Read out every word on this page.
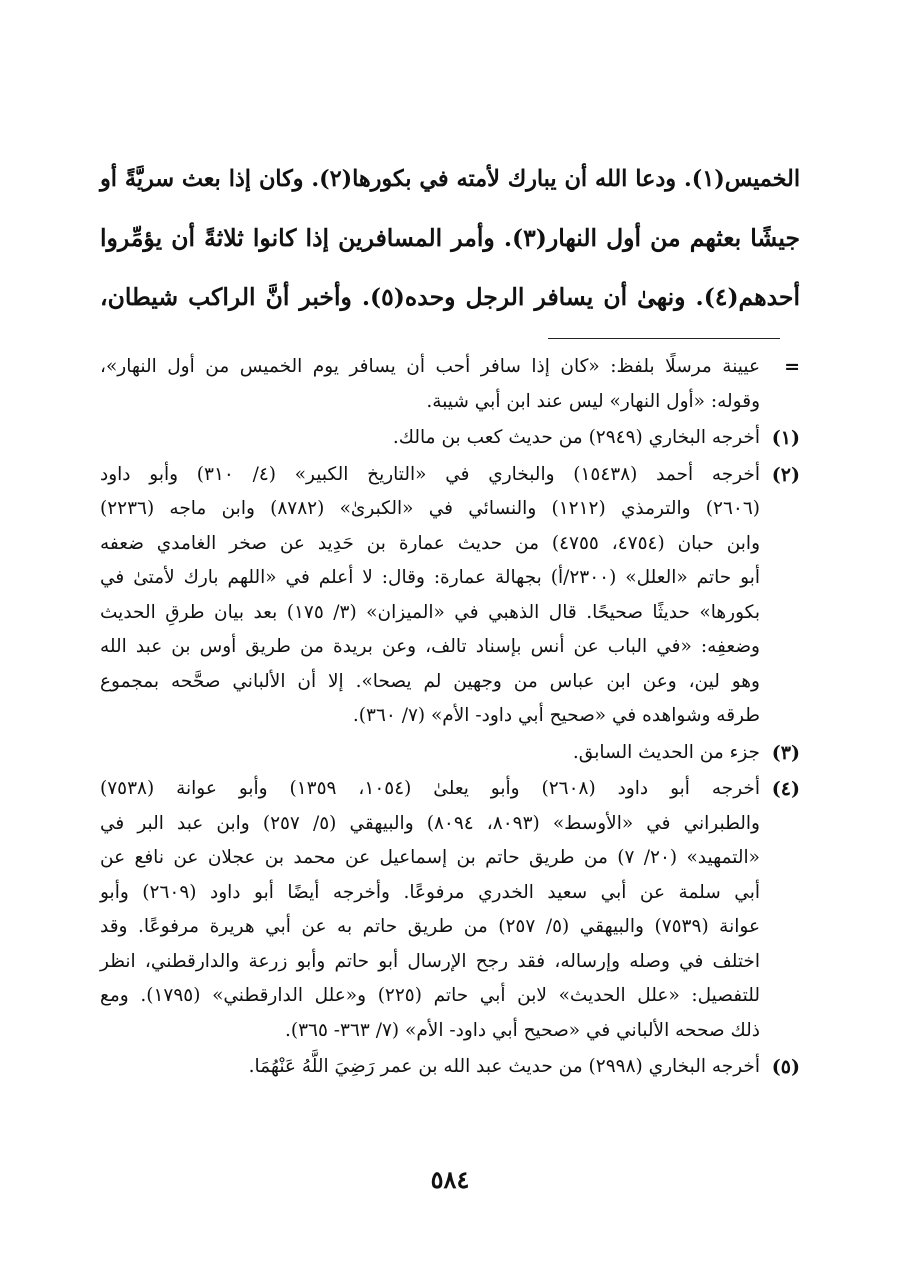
الخميس(١). ودعا الله أن يبارك لأمته في بكورها(٢). وكان إذا بعث سريَّةً أو
جيشًا بعثهم من أول النهار(٣). وأمر المسافرين إذا كانوا ثلاثةً أن يؤمِّروا
أحدهم(٤). ونهىٰ أن يسافر الرجل وحده(٥). وأخبر أنَّ الراكب شيطان،
=
عيينة مرسلًا بلفظ: «كان إذا سافر أحب أن يسافر يوم الخميس من أول النهار»،
وقوله: «أول النهار» ليس عند ابن أبي شيبة.
(١)
أخرجه البخاري (٢٩٤٩) من حديث كعب بن مالك.
(٢)
أخرجه أحمد (١٥٤٣٨) والبخاري في «التاريخ الكبير» (٤/ ٣١٠) وأبو داود
(٢٦٠٦) والترمذي (١٢١٢) والنسائي في «الكبرىٰ» (٨٧٨٢) وابن ماجه (٢٢٣٦)
وابن حبان (٤٧٥٤، ٤٧٥٥) من حديث عمارة بن حَدِيد عن صخر الغامدي ضعفه
أبو حاتم «العلل» (٢٣٠٠/أ) بجهالة عمارة: وقال: لا أعلم في «اللهم بارك لأمتىٰ في
بكورها» حديثًا صحيحًا. قال الذهبي في «الميزان» (٣/ ١٧٥) بعد بيان طرقِ الحديث
وضعفِه: «في الباب عن أنس بإسناد تالف، وعن بريدة من طريق أوس بن عبد الله
وهو لين، وعن ابن عباس من وجهين لم يصحا». إلا أن الألباني صحَّحه بمجموع
طرقه وشواهده في «صحيح أبي داود- الأم» (٧/ ٣٦٠).
(٣)
جزء من الحديث السابق.
(٤)
أخرجه أبو داود (٢٦٠٨) وأبو يعلىٰ (١٠٥٤، ١٣٥٩) وأبو عوانة (٧٥٣٨)
والطبراني في «الأوسط» (٨٠٩٣، ٨٠٩٤) والبيهقي (٥/ ٢٥٧) وابن عبد البر في
«التمهيد» (٢٠/ ٧) من طريق حاتم بن إسماعيل عن محمد بن عجلان عن نافع عن
أبي سلمة عن أبي سعيد الخدري مرفوعًا. وأخرجه أيضًا أبو داود (٢٦٠٩) وأبو
عوانة (٧٥٣٩) والبيهقي (٥/ ٢٥٧) من طريق حاتم به عن أبي هريرة مرفوعًا. وقد
اختلف في وصله وإرساله، فقد رجح الإرسال أبو حاتم وأبو زرعة والدارقطني، انظر
للتفصيل: «علل الحديث» لابن أبي حاتم (٢٢٥) و«علل الدارقطني» (١٧٩٥). ومع
ذلك صححه الألباني في «صحيح أبي داود- الأم» (٧/ ٣٦٣- ٣٦٥).
(٥)
أخرجه البخاري (٢٩٩٨) من حديث عبد الله بن عمر رَضِيَ اللَّهُ عَنْهُمَا.
٥٨٤
